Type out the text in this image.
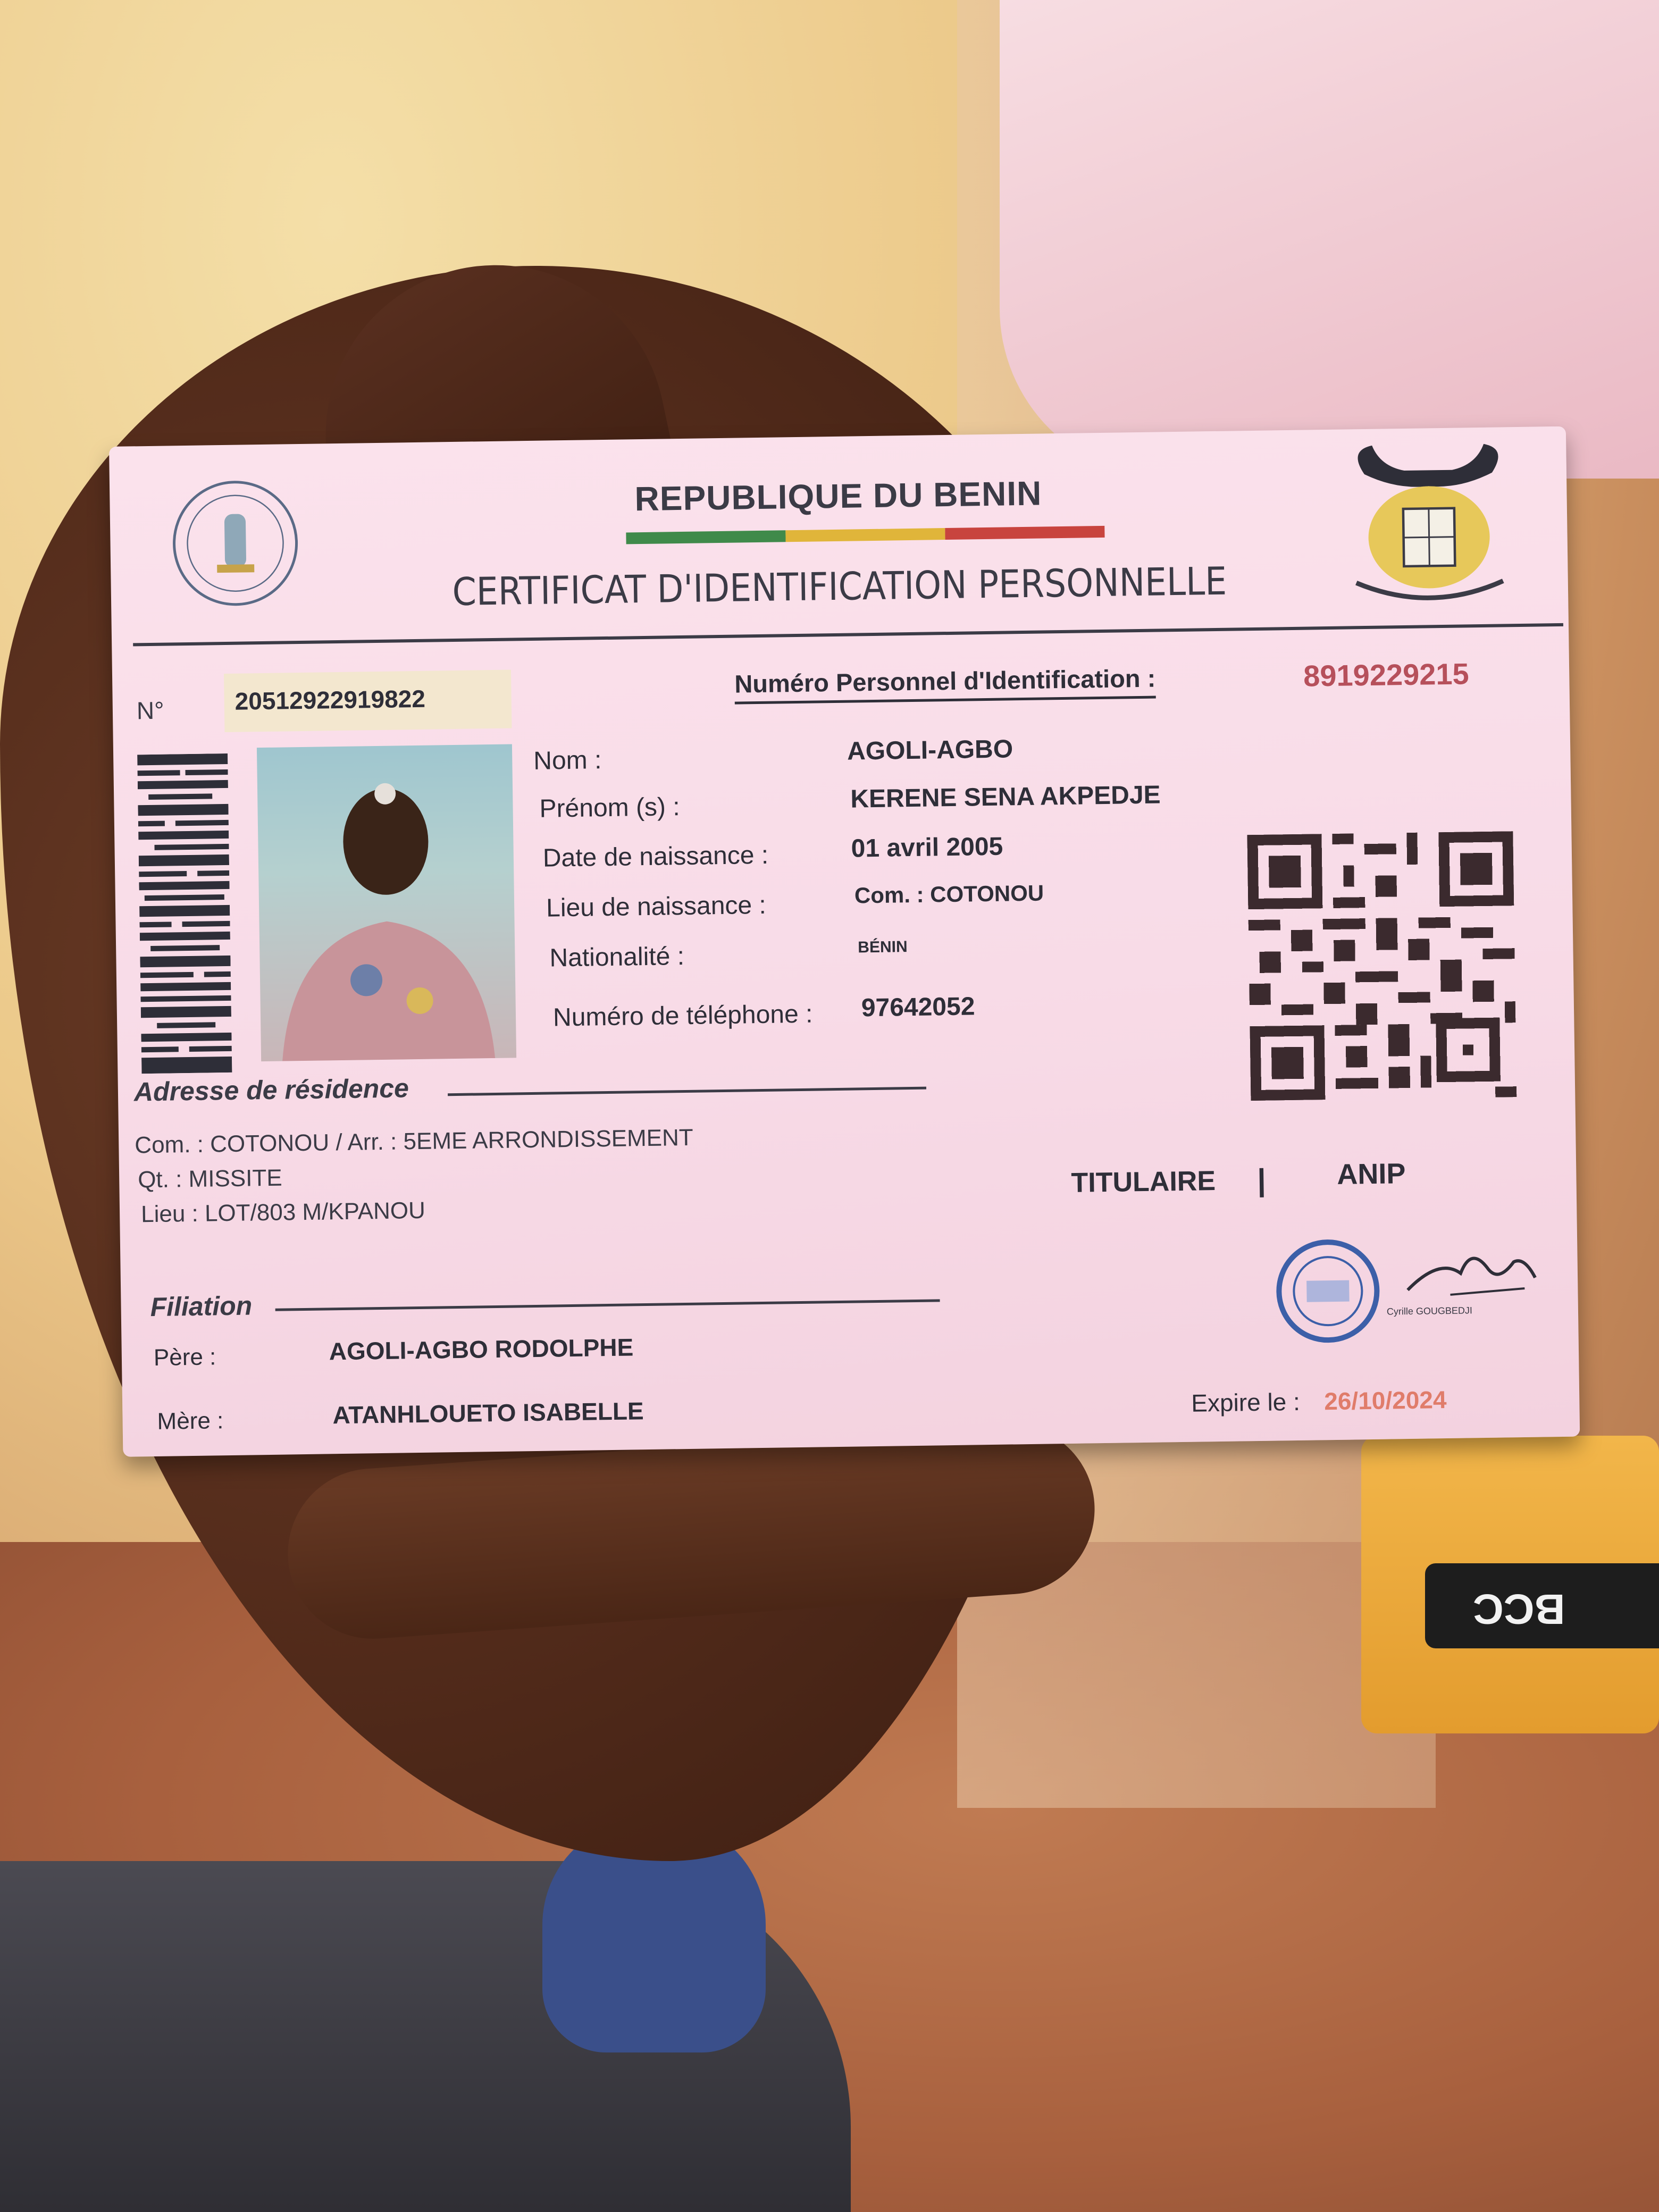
BCC
REPUBLIQUE DU BENIN
CERTIFICAT D'IDENTIFICATION PERSONNELLE
N°	20512922919822
Numéro Personnel d'Identification :	8919229215
Nom :	AGOLI-AGBO
Prénom (s) :	KERENE SENA AKPEDJE
Date de naissance :	01 avril 2005
Lieu de naissance :	Com. : COTONOU
Nationalité :	BÉNIN
Numéro de téléphone : 97642052
Adresse de résidence
Com. : COTONOU / Arr. : 5EME ARRONDISSEMENT
Qt. : MISSITE
Lieu : LOT/803 M/KPANOU
Filiation
Père :	AGOLI-AGBO RODOLPHE
Mère :	ATANHLOUETO ISABELLE
TITULAIRE | ANIP
Cyrille GOUGBEDJI
Expire le : 26/10/2024
